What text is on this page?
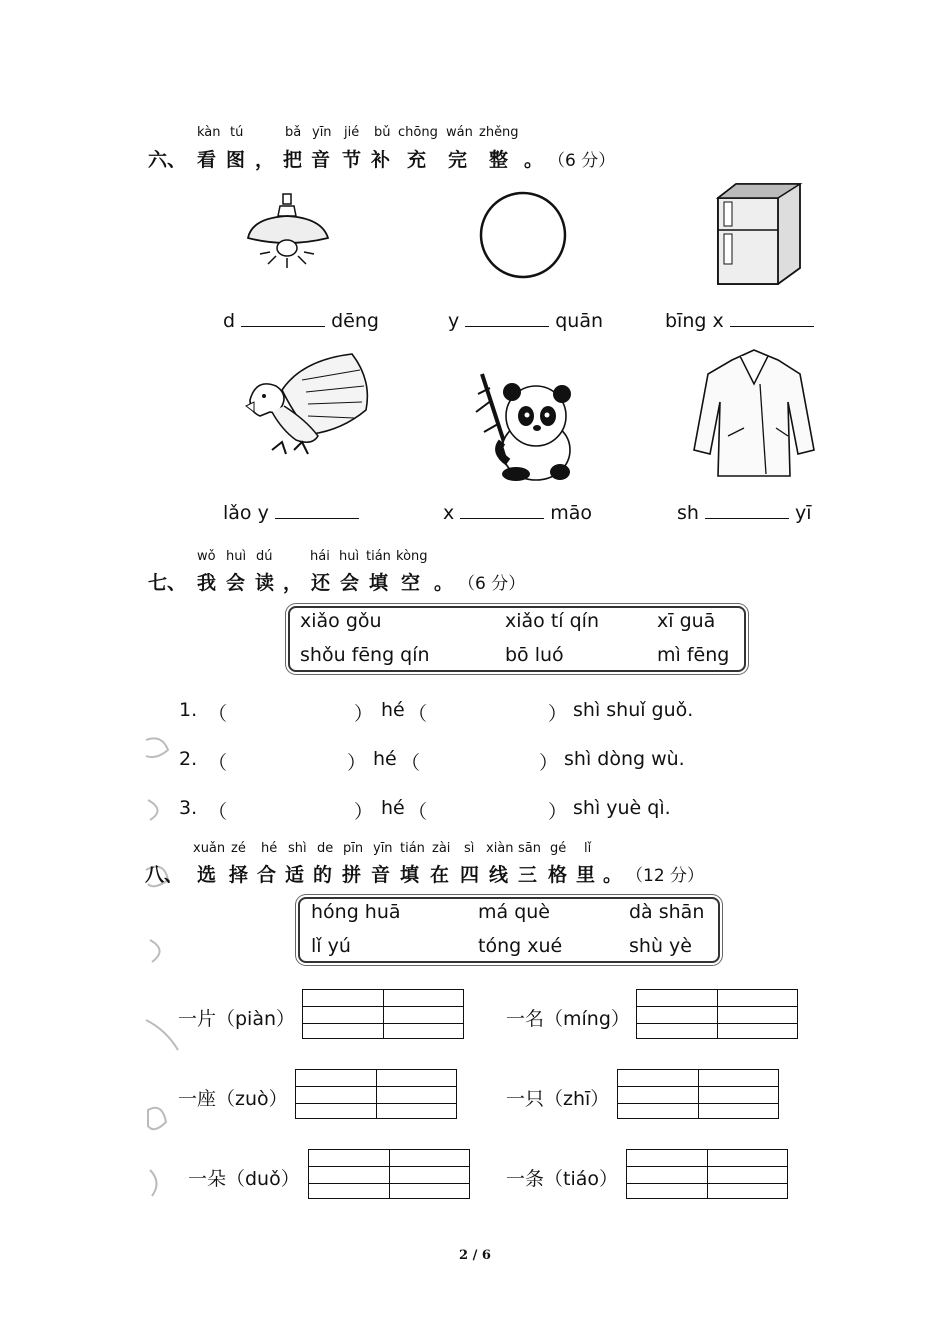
kàn tú	bǎ yīn jié bǔ chōng wán zhěng
六、 看 图 ， 把 音 节 补 充 完 整 。 （6 分）
d	dēng	y	quān	bīng x
lǎo y	x	māo	sh	yī
wǒ huì dú	hái huì tián kòng
七、 我 会 读 ， 还 会 填 空 。 （6 分）
xiǎo gǒu	xiǎo tí qín	xī guā
shǒu fēng qín	bō luó	mì fēng
1. （	） hé （	） shì shuǐ guǒ.
2. （	） hé （	） shì dòng wù.
3. （	） hé （	） shì yuè qì.
xuǎn zé hé shì de pīn yīn tián zài sì xiàn sān gé lǐ
八、 选 择 合 适 的 拼 音 填 在 四 线 三 格 里 。 （12 分）
hóng huā	má què	dà shān
lǐ yú	tóng xué	shù yè
一片（piàn）	一名（míng）
一座（zuò）	一只（zhī）
一朵（duǒ）	一条（tiáo）
2 / 6
